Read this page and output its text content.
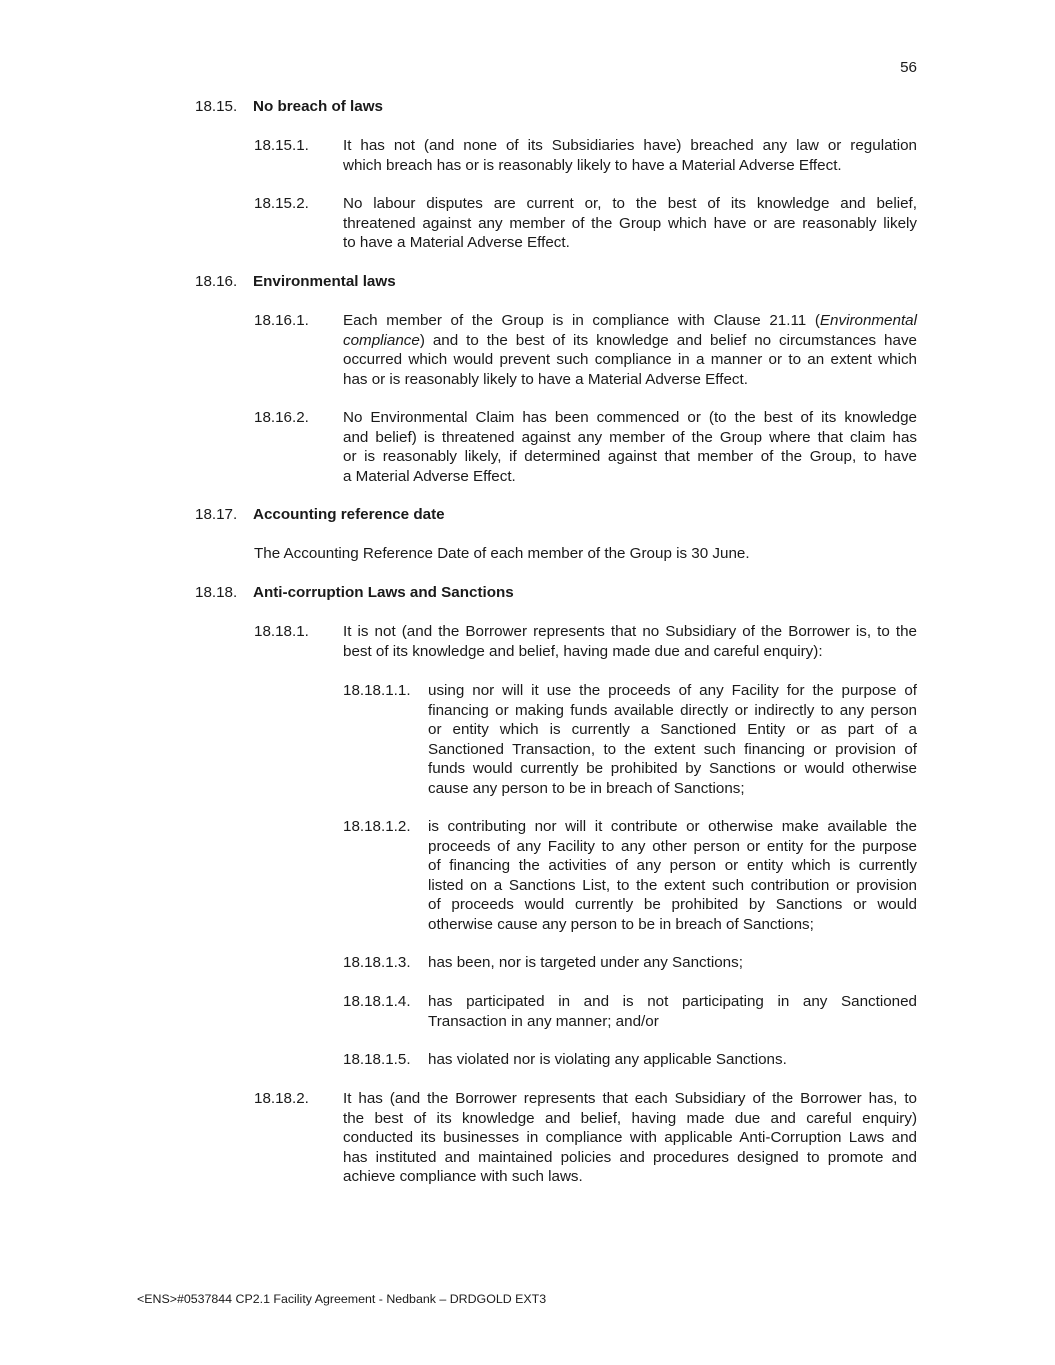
56
18.15. No breach of laws
18.15.1. It has not (and none of its Subsidiaries have) breached any law or regulation
which breach has or is reasonably likely to have a Material Adverse Effect.
18.15.2. No labour disputes are current or, to the best of its knowledge and belief,
threatened against any member of the Group which have or are reasonably likely
to have a Material Adverse Effect.
18.16. Environmental laws
18.16.1. Each member of the Group is in compliance with Clause 21.11 (Environmental
compliance) and to the best of its knowledge and belief no circumstances have
occurred which would prevent such compliance in a manner or to an extent which
has or is reasonably likely to have a Material Adverse Effect.
18.16.2. No Environmental Claim has been commenced or (to the best of its knowledge
and belief) is threatened against any member of the Group where that claim has
or is reasonably likely, if determined against that member of the Group, to have
a Material Adverse Effect.
18.17. Accounting reference date
The Accounting Reference Date of each member of the Group is 30 June.
18.18. Anti-corruption Laws and Sanctions
18.18.1. It is not (and the Borrower represents that no Subsidiary of the Borrower is, to the
best of its knowledge and belief, having made due and careful enquiry):
18.18.1.1. using nor will it use the proceeds of any Facility for the purpose of
financing or making funds available directly or indirectly to any person
or entity which is currently a Sanctioned Entity or as part of a
Sanctioned Transaction, to the extent such financing or provision of
funds would currently be prohibited by Sanctions or would otherwise
cause any person to be in breach of Sanctions;
18.18.1.2. is contributing nor will it contribute or otherwise make available the
proceeds of any Facility to any other person or entity for the purpose
of financing the activities of any person or entity which is currently
listed on a Sanctions List, to the extent such contribution or provision
of proceeds would currently be prohibited by Sanctions or would
otherwise cause any person to be in breach of Sanctions;
18.18.1.3. has been, nor is targeted under any Sanctions;
18.18.1.4. has participated in and is not participating in any Sanctioned
Transaction in any manner; and/or
18.18.1.5. has violated nor is violating any applicable Sanctions.
18.18.2. It has (and the Borrower represents that each Subsidiary of the Borrower has, to
the best of its knowledge and belief, having made due and careful enquiry)
conducted its businesses in compliance with applicable Anti-Corruption Laws and
has instituted and maintained policies and procedures designed to promote and
achieve compliance with such laws.
<ENS>#0537844 CP2.1 Facility Agreement - Nedbank – DRDGOLD EXT3
